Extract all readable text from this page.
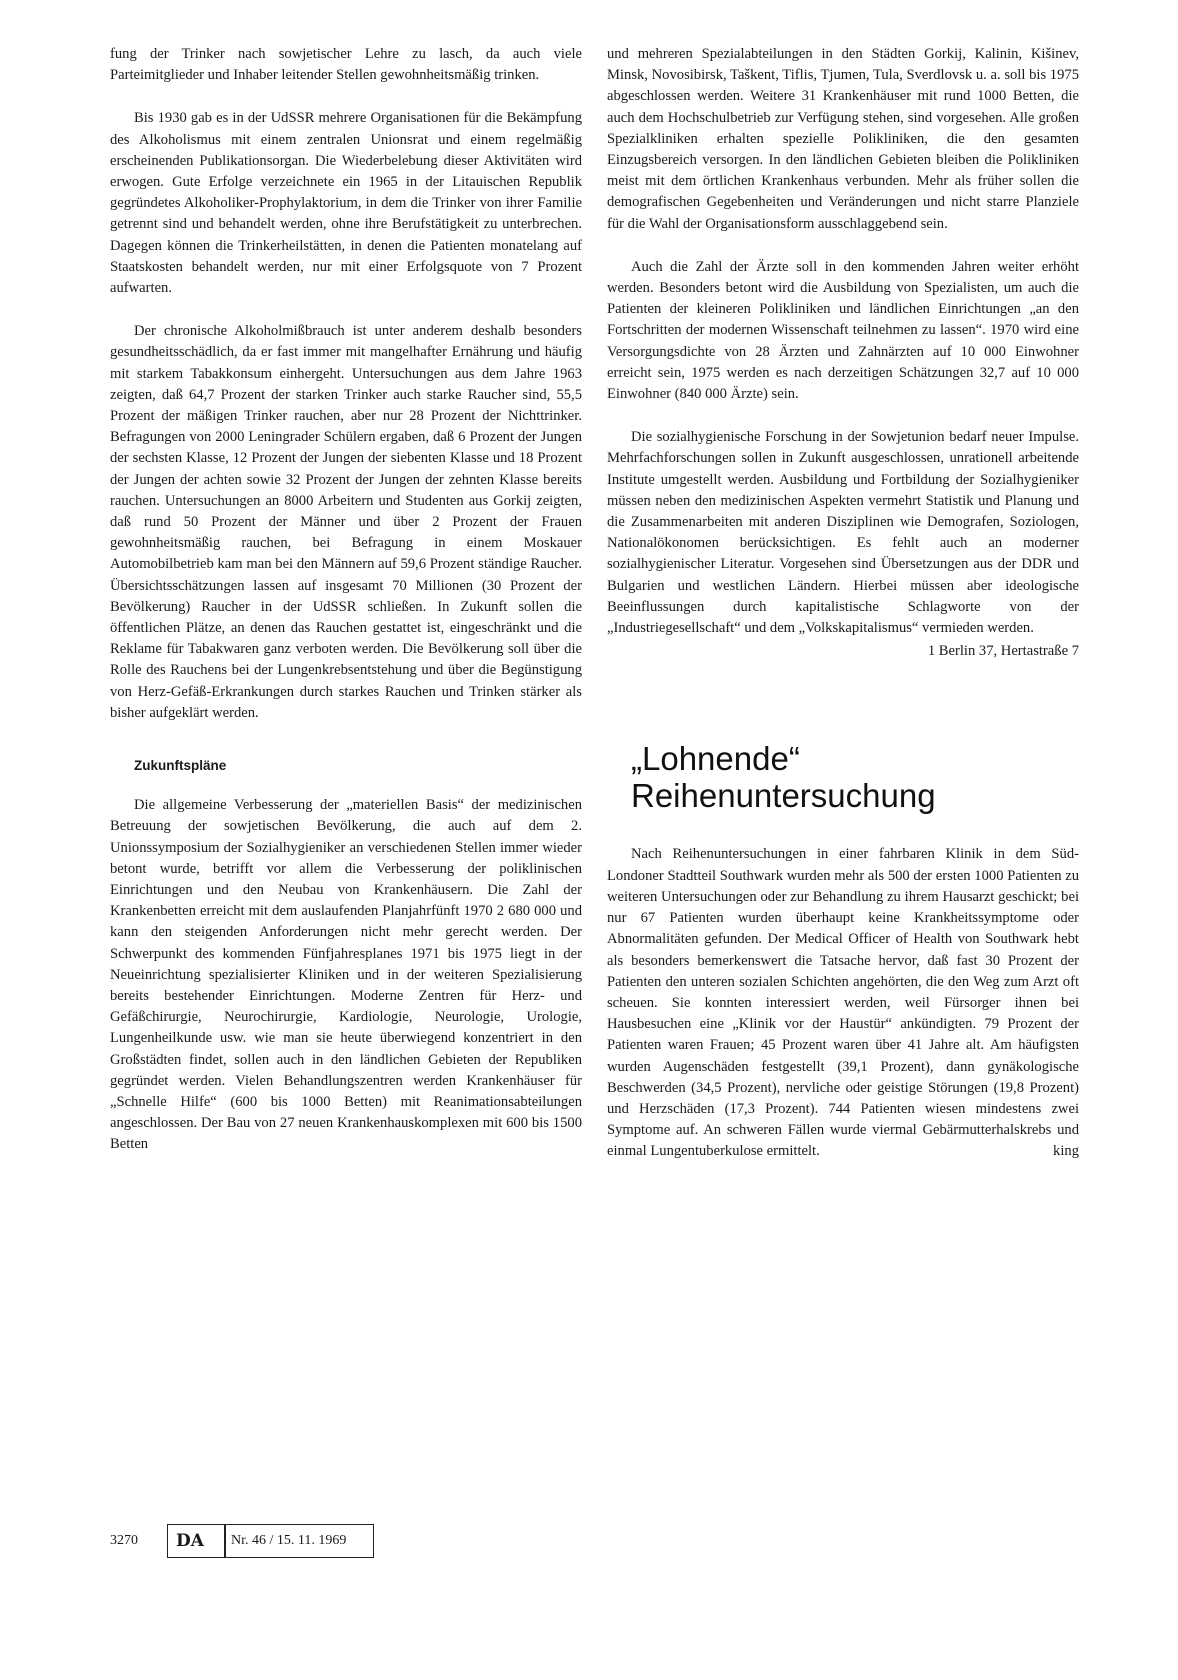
fung der Trinker nach sowjetischer Lehre zu lasch, da auch viele Parteimitglieder und Inhaber leitender Stellen gewohnheitsmäßig trinken.

Bis 1930 gab es in der UdSSR mehrere Organisationen für die Bekämpfung des Alkoholismus mit einem zentralen Unionsrat und einem regelmäßig erscheinenden Publikationsorgan. Die Wiederbelebung dieser Aktivitäten wird erwogen. Gute Erfolge verzeichnete ein 1965 in der Litauischen Republik gegründetes Alkoholiker-Prophylaktorium, in dem die Trinker von ihrer Familie getrennt sind und behandelt werden, ohne ihre Berufstätigkeit zu unterbrechen. Dagegen können die Trinkerheilstätten, in denen die Patienten monatelang auf Staatskosten behandelt werden, nur mit einer Erfolgsquote von 7 Prozent aufwarten.

Der chronische Alkoholmißbrauch ist unter anderem deshalb besonders gesundheitsschädlich, da er fast immer mit mangelhafter Ernährung und häufig mit starkem Tabakkonsum einhergeht. Untersuchungen aus dem Jahre 1963 zeigten, daß 64,7 Prozent der starken Trinker auch starke Raucher sind, 55,5 Prozent der mäßigen Trinker rauchen, aber nur 28 Prozent der Nichttrinker. Befragungen von 2000 Leningrader Schülern ergaben, daß 6 Prozent der Jungen der sechsten Klasse, 12 Prozent der Jungen der siebenten Klasse und 18 Prozent der Jungen der achten sowie 32 Prozent der Jungen der zehnten Klasse bereits rauchen. Untersuchungen an 8000 Arbeitern und Studenten aus Gorkij zeigten, daß rund 50 Prozent der Männer und über 2 Prozent der Frauen gewohnheitsmäßig rauchen, bei Befragung in einem Moskauer Automobilbetrieb kam man bei den Männern auf 59,6 Prozent ständige Raucher. Übersichtsschätzungen lassen auf insgesamt 70 Millionen (30 Prozent der Bevölkerung) Raucher in der UdSSR schließen. In Zukunft sollen die öffentlichen Plätze, an denen das Rauchen gestattet ist, eingeschränkt und die Reklame für Tabakwaren ganz verboten werden. Die Bevölkerung soll über die Rolle des Rauchens bei der Lungenkrebsentstehung und über die Begünstigung von Herz-Gefäß-Erkrankungen durch starkes Rauchen und Trinken stärker als bisher aufgeklärt werden.

Zukunftspläne

Die allgemeine Verbesserung der „materiellen Basis“ der medizinischen Betreuung der sowjetischen Bevölkerung, die auch auf dem 2. Unionssymposium der Sozialhygieniker an verschiedenen Stellen immer wieder betont wurde, betrifft vor allem die Verbesserung der poliklinischen Einrichtungen und den Neubau von Krankenhäusern. Die Zahl der Krankenbetten erreicht mit dem auslaufenden Planjahrfünft 1970 2 680 000 und kann den steigenden Anforderungen nicht mehr gerecht werden. Der Schwerpunkt des kommenden Fünfjahresplanes 1971 bis 1975 liegt in der Neueinrichtung spezialisierter Kliniken und in der weiteren Spezialisierung bereits bestehender Einrichtungen. Moderne Zentren für Herz- und Gefäßchirurgie, Neurochirurgie, Kardiologie, Neurologie, Urologie, Lungenheilkunde usw. wie man sie heute überwiegend konzentriert in den Großstädten findet, sollen auch in den ländlichen Gebieten der Republiken gegründet werden. Vielen Behandlungszentren werden Krankenhäuser für „Schnelle Hilfe“ (600 bis 1000 Betten) mit Reanimationsabteilungen angeschlossen. Der Bau von 27 neuen Krankenhauskomplexen mit 600 bis 1500 Betten

und mehreren Spezialabteilungen in den Städten Gorkij, Kalinin, Kišinev, Minsk, Novosibirsk, Taškent, Tiflis, Tjumen, Tula, Sverdlovsk u. a. soll bis 1975 abgeschlossen werden. Weitere 31 Krankenhäuser mit rund 1000 Betten, die auch dem Hochschulbetrieb zur Verfügung stehen, sind vorgesehen. Alle großen Spezialkliniken erhalten spezielle Polikliniken, die den gesamten Einzugsbereich versorgen. In den ländlichen Gebieten bleiben die Polikliniken meist mit dem örtlichen Krankenhaus verbunden. Mehr als früher sollen die demografischen Gegebenheiten und Veränderungen und nicht starre Planziele für die Wahl der Organisationsform ausschlaggebend sein.

Auch die Zahl der Ärzte soll in den kommenden Jahren weiter erhöht werden. Besonders betont wird die Ausbildung von Spezialisten, um auch die Patienten der kleineren Polikliniken und ländlichen Einrichtungen „an den Fortschritten der modernen Wissenschaft teilnehmen zu lassen“. 1970 wird eine Versorgungsdichte von 28 Ärzten und Zahnärzten auf 10 000 Einwohner erreicht sein, 1975 werden es nach derzeitigen Schätzungen 32,7 auf 10 000 Einwohner (840 000 Ärzte) sein.

Die sozialhygienische Forschung in der Sowjetunion bedarf neuer Impulse. Mehrfachforschungen sollen in Zukunft ausgeschlossen, unrationell arbeitende Institute umgestellt werden. Ausbildung und Fortbildung der Sozialhygieniker müssen neben den medizinischen Aspekten vermehrt Statistik und Planung und die Zusammenarbeiten mit anderen Disziplinen wie Demografen, Soziologen, Nationalökonomen berücksichtigen. Es fehlt auch an moderner sozialhygienischer Literatur. Vorgesehen sind Übersetzungen aus der DDR und Bulgarien und westlichen Ländern. Hierbei müssen aber ideologische Beeinflussungen durch kapitalistische Schlagworte von der „Industriegesellschaft“ und dem „Volkskapitalismus“ vermieden werden.

1 Berlin 37, Hertastraße 7
„Lohnende“
Reihenuntersuchung

Nach Reihenuntersuchungen in einer fahrbaren Klinik in dem Süd-Londoner Stadtteil Southwark wurden mehr als 500 der ersten 1000 Patienten zu weiteren Untersuchungen oder zur Behandlung zu ihrem Hausarzt geschickt; bei nur 67 Patienten wurden überhaupt keine Krankheitssymptome oder Abnormalitäten gefunden. Der Medical Officer of Health von Southwark hebt als besonders bemerkenswert die Tatsache hervor, daß fast 30 Prozent der Patienten den unteren sozialen Schichten angehörten, die den Weg zum Arzt oft scheuen. Sie konnten interessiert werden, weil Fürsorger ihnen bei Hausbesuchen eine „Klinik vor der Haustür“ ankündigten. 79 Prozent der Patienten waren Frauen; 45 Prozent waren über 41 Jahre alt. Am häufigsten wurden Augenschäden festgestellt (39,1 Prozent), dann gynäkologische Beschwerden (34,5 Prozent), nervliche oder geistige Störungen (19,8 Prozent) und Herzschäden (17,3 Prozent). 744 Patienten wiesen mindestens zwei Symptome auf. An schweren Fällen wurde viermal Gebärmutterhalskrebs und einmal Lungentuberkulose ermittelt.	king

3270 DA Nr. 46 / 15. 11. 1969
